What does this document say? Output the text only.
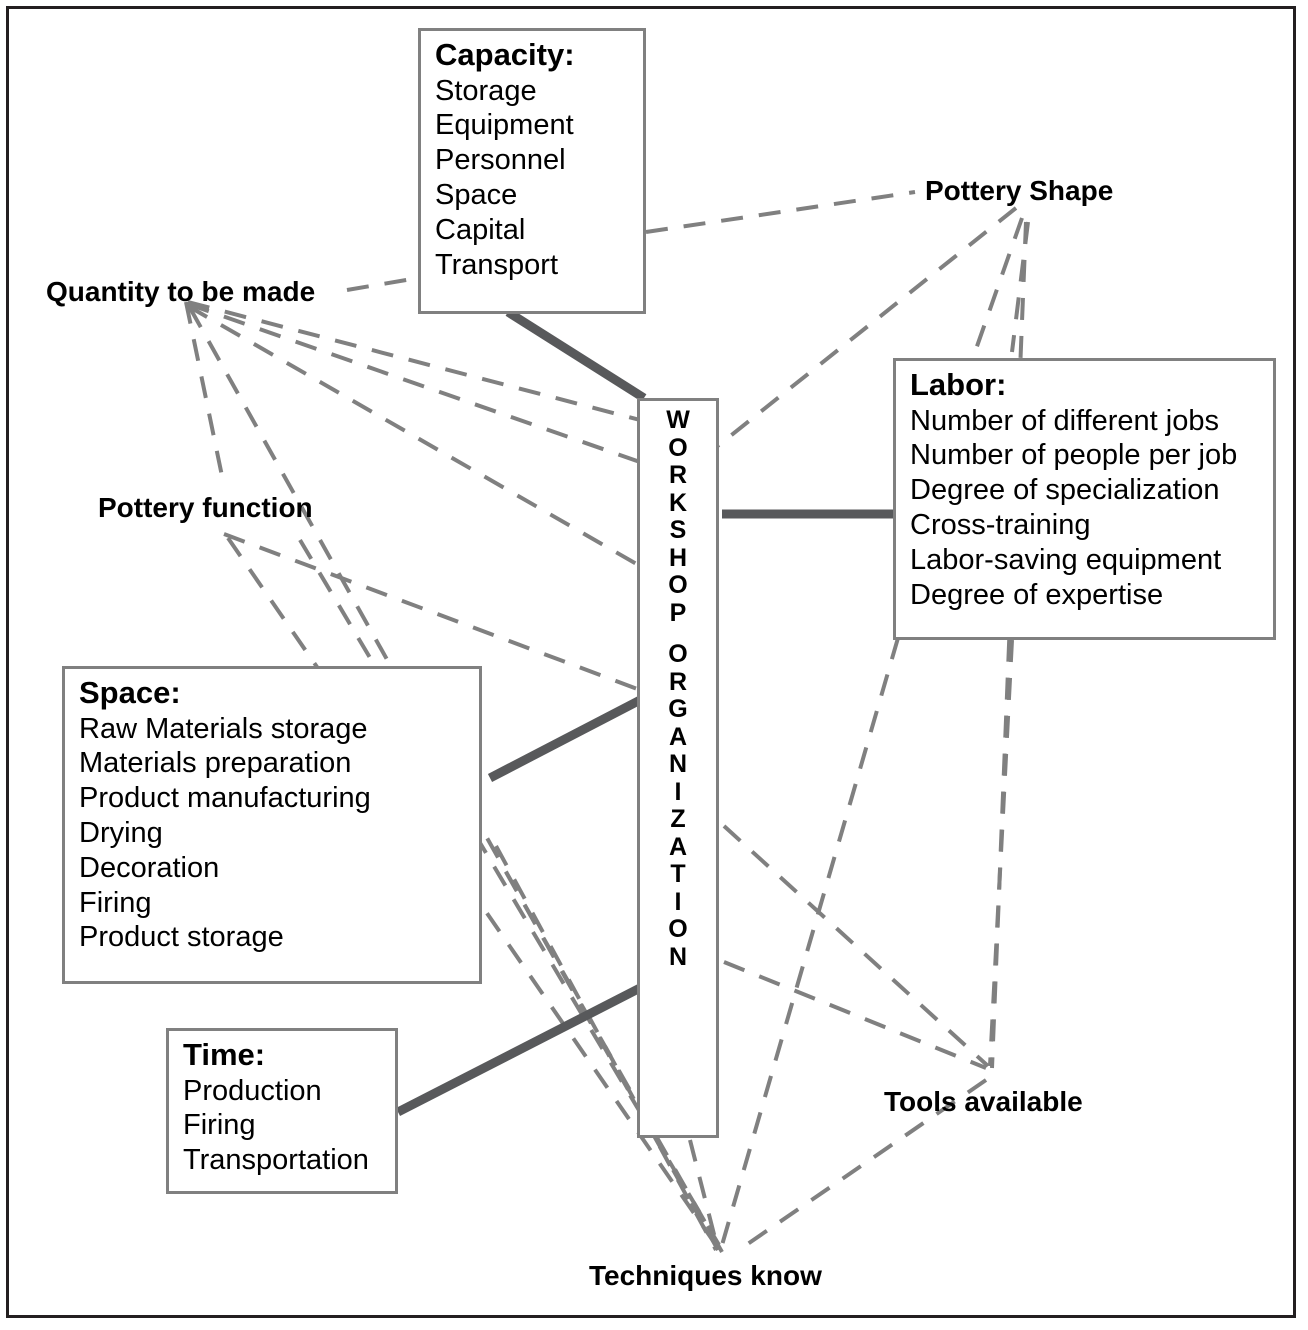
Capacity:
Storage
Equipment
Personnel
Space
Capital
Transport
Labor:
Number of different jobs
Number of people per job
Degree of specialization
Cross-training
Labor-saving equipment
Degree of expertise
Space:
Raw Materials storage
Materials preparation
Product manufacturing
Drying
Decoration
Firing
Product storage
Time:
Production
Firing
Transportation
W
O
R
K
S
H
O
P
O
R
G
A
N
I
Z
A
T
I
O
N
Pottery Shape
Quantity to be made
Pottery function
Tools available
Techniques know
